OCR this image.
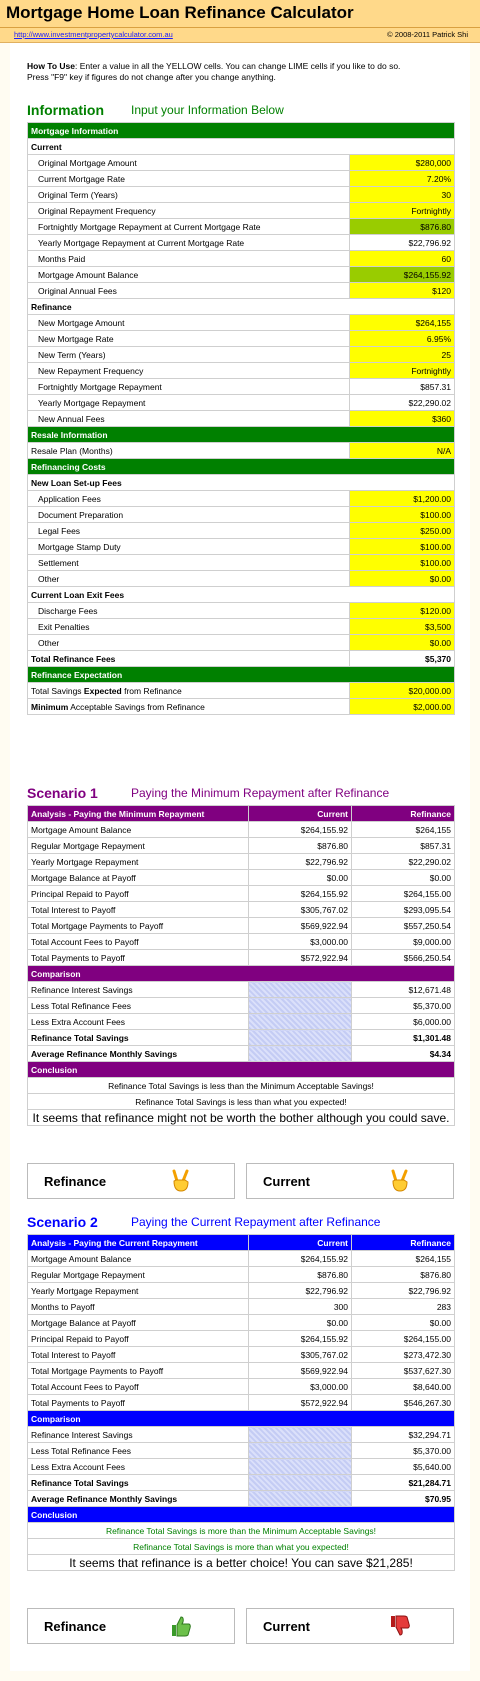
Mortgage Home Loan Refinance Calculator
http://www.investmentpropertycalculator.com.au	© 2008-2011 Patrick Shi
How To Use: Enter a value in all the YELLOW cells. You can change LIME cells if you like to do so.
Press "F9" key if figures do not change after you change anything.
Information Input your Information Below
Mortgage Information	
Current	
Original Mortgage Amount	$280,000
Current Mortgage Rate	7.20%
Original Term (Years)	30
Original Repayment Frequency	Fortnightly
Fortnightly Mortgage Repayment at Current Mortgage Rate	$876.80
Yearly Mortgage Repayment at Current Mortgage Rate	$22,796.92
Months Paid	60
Mortgage Amount Balance	$264,155.92
Original Annual Fees	$120
Refinance	
New Mortgage Amount	$264,155
New Mortgage Rate	6.95%
New Term (Years)	25
New Repayment Frequency	Fortnightly
Fortnightly Mortgage Repayment	$857.31
Yearly Mortgage Repayment	$22,290.02
New Annual Fees	$360
Resale Information	
Resale Plan (Months)	N/A
Refinancing Costs	
New Loan Set-up Fees	
Application Fees	$1,200.00
Document Preparation	$100.00
Legal Fees	$250.00
Mortgage Stamp Duty	$100.00
Settlement	$100.00
Other	$0.00
Current Loan Exit Fees	
Discharge Fees	$120.00
Exit Penalties	$3,500
Other	$0.00
Total Refinance Fees	$5,370
Refinance Expectation	
Total Savings Expected from Refinance	$20,000.00
Minimum Acceptable Savings from Refinance	$2,000.00
Scenario 1	Paying the Minimum Repayment after Refinance
Analysis - Paying the Minimum Repayment	Current	Refinance
Mortgage Amount Balance	$264,155.92	$264,155
Regular Mortgage Repayment	$876.80	$857.31
Yearly Mortgage Repayment	$22,796.92	$22,290.02
Mortgage Balance at Payoff	$0.00	$0.00
Principal Repaid to Payoff	$264,155.92	$264,155.00
Total Interest to Payoff	$305,767.02	$293,095.54
Total Mortgage Payments to Payoff	$569,922.94	$557,250.54
Total Account Fees to Payoff	$3,000.00	$9,000.00
Total Payments to Payoff	$572,922.94	$566,250.54
Comparison		
Refinance Interest Savings		$12,671.48
Less Total Refinance Fees		$5,370.00
Less Extra Account Fees		$6,000.00
Refinance Total Savings		$1,301.48
Average Refinance Monthly Savings		$4.34
Conclusion		
Refinance Total Savings is less than the Minimum Acceptable Savings!		
Refinance Total Savings is less than what you expected!		
It seems that refinance might not be worth the bother although you could save.		
Refinance	Current
Scenario 2	Paying the Current Repayment after Refinance
Analysis - Paying the Current Repayment	Current	Refinance
Mortgage Amount Balance	$264,155.92	$264,155
Regular Mortgage Repayment	$876.80	$876.80
Yearly Mortgage Repayment	$22,796.92	$22,796.92
Months to Payoff	300	283
Mortgage Balance at Payoff	$0.00	$0.00
Principal Repaid to Payoff	$264,155.92	$264,155.00
Total Interest to Payoff	$305,767.02	$273,472.30
Total Mortgage Payments to Payoff	$569,922.94	$537,627.30
Total Account Fees to Payoff	$3,000.00	$8,640.00
Total Payments to Payoff	$572,922.94	$546,267.30
Comparison		
Refinance Interest Savings		$32,294.71
Less Total Refinance Fees		$5,370.00
Less Extra Account Fees		$5,640.00
Refinance Total Savings		$21,284.71
Average Refinance Monthly Savings		$70.95
Conclusion		
Refinance Total Savings is more than the Minimum Acceptable Savings!		
Refinance Total Savings is more than what you expected!		
It seems that refinance is a better choice! You can save $21,285!		
Refinance	Current
